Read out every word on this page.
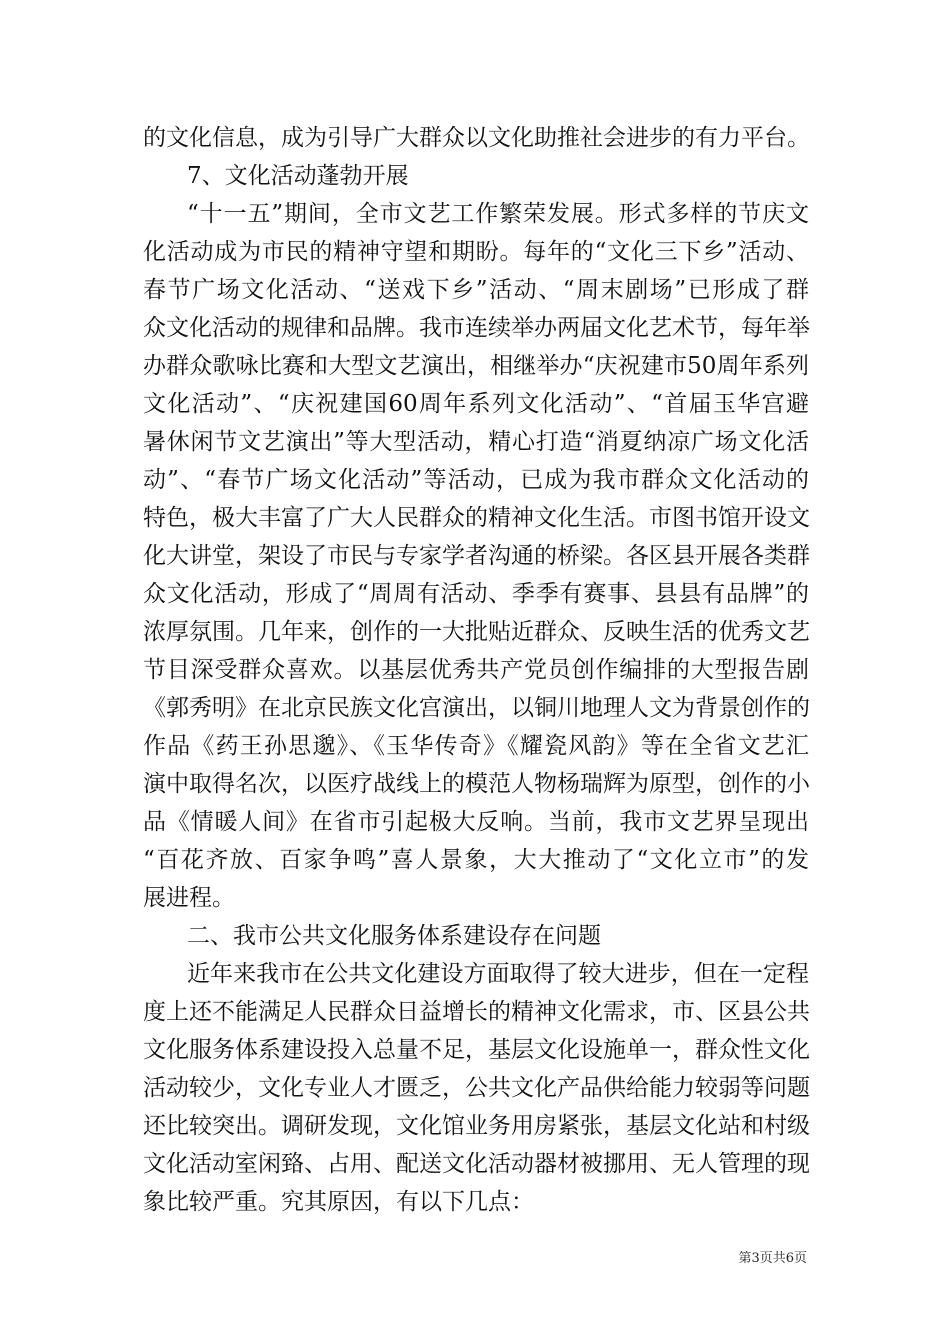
的文化信息，成为引导广大群众以文化助推社会进步的有力平台。
7、文化活动蓬勃开展
“十一五”期间，全市文艺工作繁荣发展。形式多样的节庆文
化活动成为市民的精神守望和期盼。每年的“文化三下乡”活动、
春节广场文化活动、“送戏下乡”活动、“周末剧场”已形成了群
众文化活动的规律和品牌。我市连续举办两届文化艺术节，每年举
办群众歌咏比赛和大型文艺演出，相继举办“庆祝建市50周年系列
文化活动”、“庆祝建国60周年系列文化活动”、“首届玉华宫避
暑休闲节文艺演出”等大型活动，精心打造“消夏纳凉广场文化活
动”、“春节广场文化活动”等活动，已成为我市群众文化活动的
特色，极大丰富了广大人民群众的精神文化生活。市图书馆开设文
化大讲堂，架设了市民与专家学者沟通的桥梁。各区县开展各类群
众文化活动，形成了“周周有活动、季季有赛事、县县有品牌”的
浓厚氛围。几年来，创作的一大批贴近群众、反映生活的优秀文艺
节目深受群众喜欢。以基层优秀共产党员创作编排的大型报告剧
《郭秀明》在北京民族文化宫演出，以铜川地理人文为背景创作的
作品《药王孙思邈》、《玉华传奇》《耀瓷风韵》等在全省文艺汇
演中取得名次，以医疗战线上的模范人物杨瑞辉为原型，创作的小
品《情暖人间》在省市引起极大反响。当前，我市文艺界呈现出
“百花齐放、百家争鸣”喜人景象，大大推动了“文化立市”的发
展进程。
二、我市公共文化服务体系建设存在问题
近年来我市在公共文化建设方面取得了较大进步，但在一定程
度上还不能满足人民群众日益增长的精神文化需求，市、区县公共
文化服务体系建设投入总量不足，基层文化设施单一，群众性文化
活动较少，文化专业人才匮乏，公共文化产品供给能力较弱等问题
还比较突出。调研发现，文化馆业务用房紧张，基层文化站和村级
文化活动室闲臵、占用、配送文化活动器材被挪用、无人管理的现
象比较严重。究其原因，有以下几点：
第3页共6页
